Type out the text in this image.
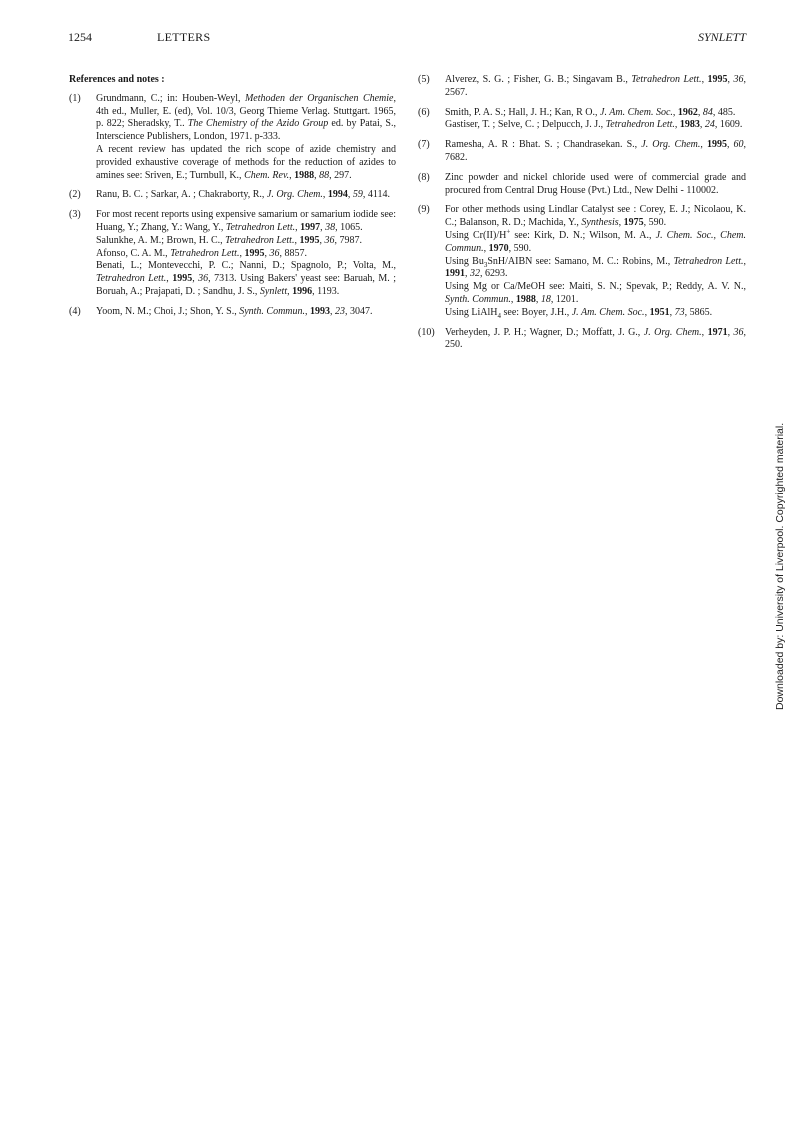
1254	LETTERS	SYNLETT
References and notes :
(1)	Grundmann, C.; in: Houben-Weyl, Methoden der Organischen Chemie, 4th ed., Muller, E. (ed), Vol. 10/3, Georg Thieme Verlag. Stuttgart. 1965, p. 822; Sheradsky, T.. The Chemistry of the Azido Group ed. by Patai, S., Interscience Publishers, London, 1971. p-333.

A recent review has updated the rich scope of azide chemistry and provided exhaustive coverage of methods for the reduction of azides to amines see: Sriven, E.; Turnbull, K., Chem. Rev., 1988, 88, 297.

(2)	Ranu, B. C. ; Sarkar, A. ; Chakraborty, R., J. Org. Chem., 1994, 59, 4114.

(3)	For most recent reports using expensive samarium or samarium iodide see: Huang, Y.; Zhang, Y.: Wang, Y., Tetrahedron Lett., 1997, 38, 1065.

Salunkhe, A. M.; Brown, H. C., Tetrahedron Lett., 1995, 36, 7987.

Afonso, C. A. M., Tetrahedron Lett., 1995, 36, 8857.

Benati, L.; Montevecchi, P. C.; Nanni, D.; Spagnolo, P.; Volta, M., Tetrahedron Lett., 1995, 36, 7313. Using Bakers' yeast see: Baruah, M. ; Boruah, A.; Prajapati, D. ; Sandhu, J. S., Synlett, 1996, 1193.

(4)	Yoom, N. M.; Choi, J.; Shon, Y. S., Synth. Commun., 1993, 23, 3047.

(5)	Alverez, S. G. ; Fisher, G. B.; Singavam B., Tetrahedron Lett., 1995, 36, 2567.

(6)	Smith, P. A. S.; Hall, J. H.; Kan, R O., J. Am. Chem. Soc., 1962, 84, 485.

Gastiser, T. ; Selve, C. ; Delpucch, J. J., Tetrahedron Lett., 1983, 24, 1609.

(7)	Ramesha, A. R : Bhat. S. ; Chandrasekan. S., J. Org. Chem., 1995, 60, 7682.

(8)	Zinc powder and nickel chloride used were of commercial grade and procured from Central Drug House (Pvt.) Ltd., New Delhi - 110002.

(9)	For other methods using Lindlar Catalyst see : Corey, E. J.; Nicolaou, K. C.; Balanson, R. D.; Machida, Y., Synthesis, 1975, 590.

Using Cr(II)/H+ see: Kirk, D. N.; Wilson, M. A., J. Chem. Soc., Chem. Commun., 1970, 590.

Using $Bu_3SnH$/AIBN see: Samano, M. C.: Robins, M., Tetrahedron Lett., 1991, 32, 6293.

Using Mg or Ca/MeOH see: Maiti, S. N.; Spevak, P.; Reddy, A. V. N., Synth. Commun., 1988, 18, 1201.

Using LiAlH$_4$ see: Boyer, J.H., J. Am. Chem. Soc., 1951, 73, 5865.

(10)	Verheyden, J. P. H.; Wagner, D.; Moffatt, J. G., J. Org. Chem., 1971, 36, 250.

Downloaded by: University of Liverpool. Copyrighted material.
